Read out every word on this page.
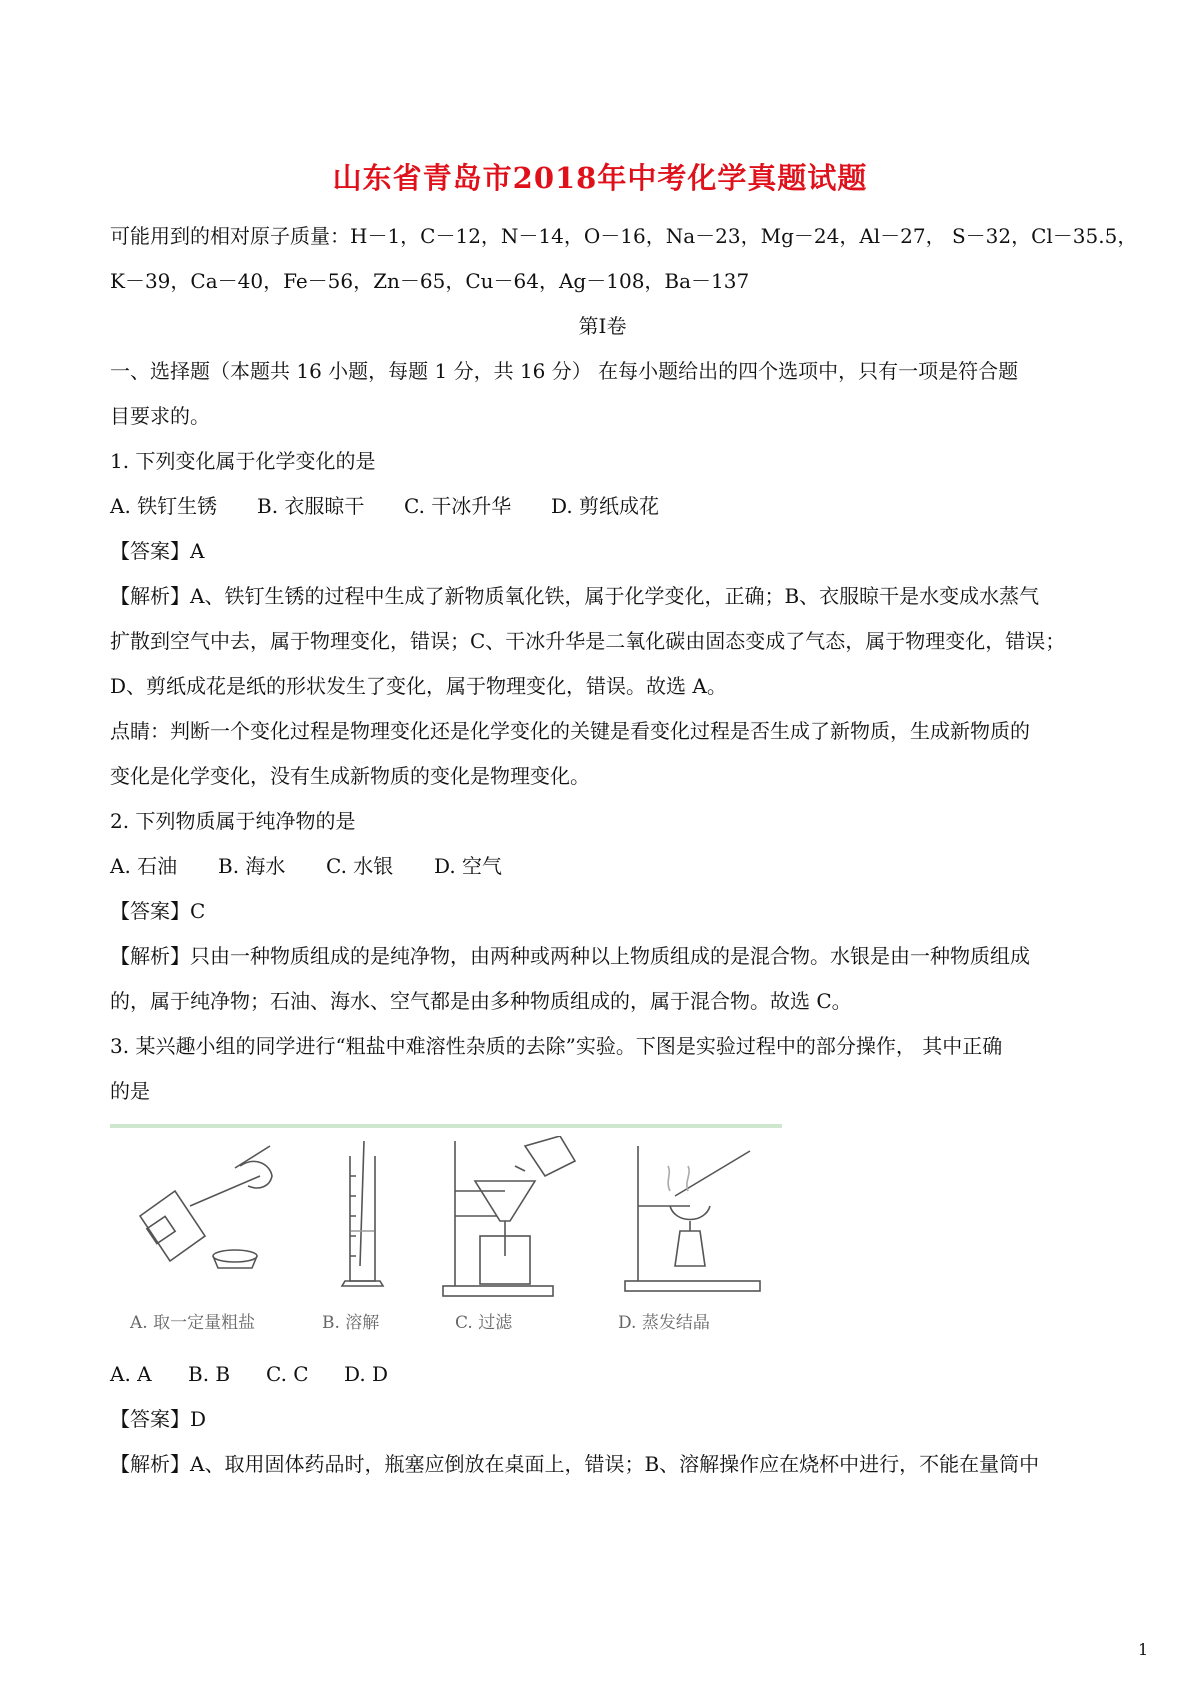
山东省青岛市2018年中考化学真题试题
可能用到的相对原子质量：H－1，C－12，N－14，O－16，Na－23，Mg－24，Al－27， S－32，Cl－35.5，
K－39，Ca－40，Fe－56，Zn－65，Cu－64，Ag－108，Ba－137
第Ⅰ卷
一、选择题（本题共 16 小题，每题 1 分，共 16 分） 在每小题给出的四个选项中，只有一项是符合题
目要求的。
1. 下列变化属于化学变化的是
A. 铁钉生锈 B. 衣服晾干 C. 干冰升华 D. 剪纸成花
【答案】A
【解析】A、铁钉生锈的过程中生成了新物质氧化铁，属于化学变化，正确；B、衣服晾干是水变成水蒸气
扩散到空气中去，属于物理变化，错误；C、干冰升华是二氧化碳由固态变成了气态，属于物理变化，错误；
D、剪纸成花是纸的形状发生了变化，属于物理变化，错误。故选 A。
点睛：判断一个变化过程是物理变化还是化学变化的关键是看变化过程是否生成了新物质，生成新物质的
变化是化学变化，没有生成新物质的变化是物理变化。
2. 下列物质属于纯净物的是
A. 石油 B. 海水 C. 水银 D. 空气
【答案】C
【解析】只由一种物质组成的是纯净物，由两种或两种以上物质组成的是混合物。水银是由一种物质组成
的，属于纯净物；石油、海水、空气都是由多种物质组成的，属于混合物。故选 C。
3. 某兴趣小组的同学进行“粗盐中难溶性杂质的去除”实验。下图是实验过程中的部分操作， 其中正确
的是
A. 取一定量粗盐	B. 溶解	C. 过滤	D. 蒸发结晶
A. A B. B C. C D. D
【答案】D
【解析】A、取用固体药品时，瓶塞应倒放在桌面上，错误；B、溶解操作应在烧杯中进行，不能在量筒中
1
